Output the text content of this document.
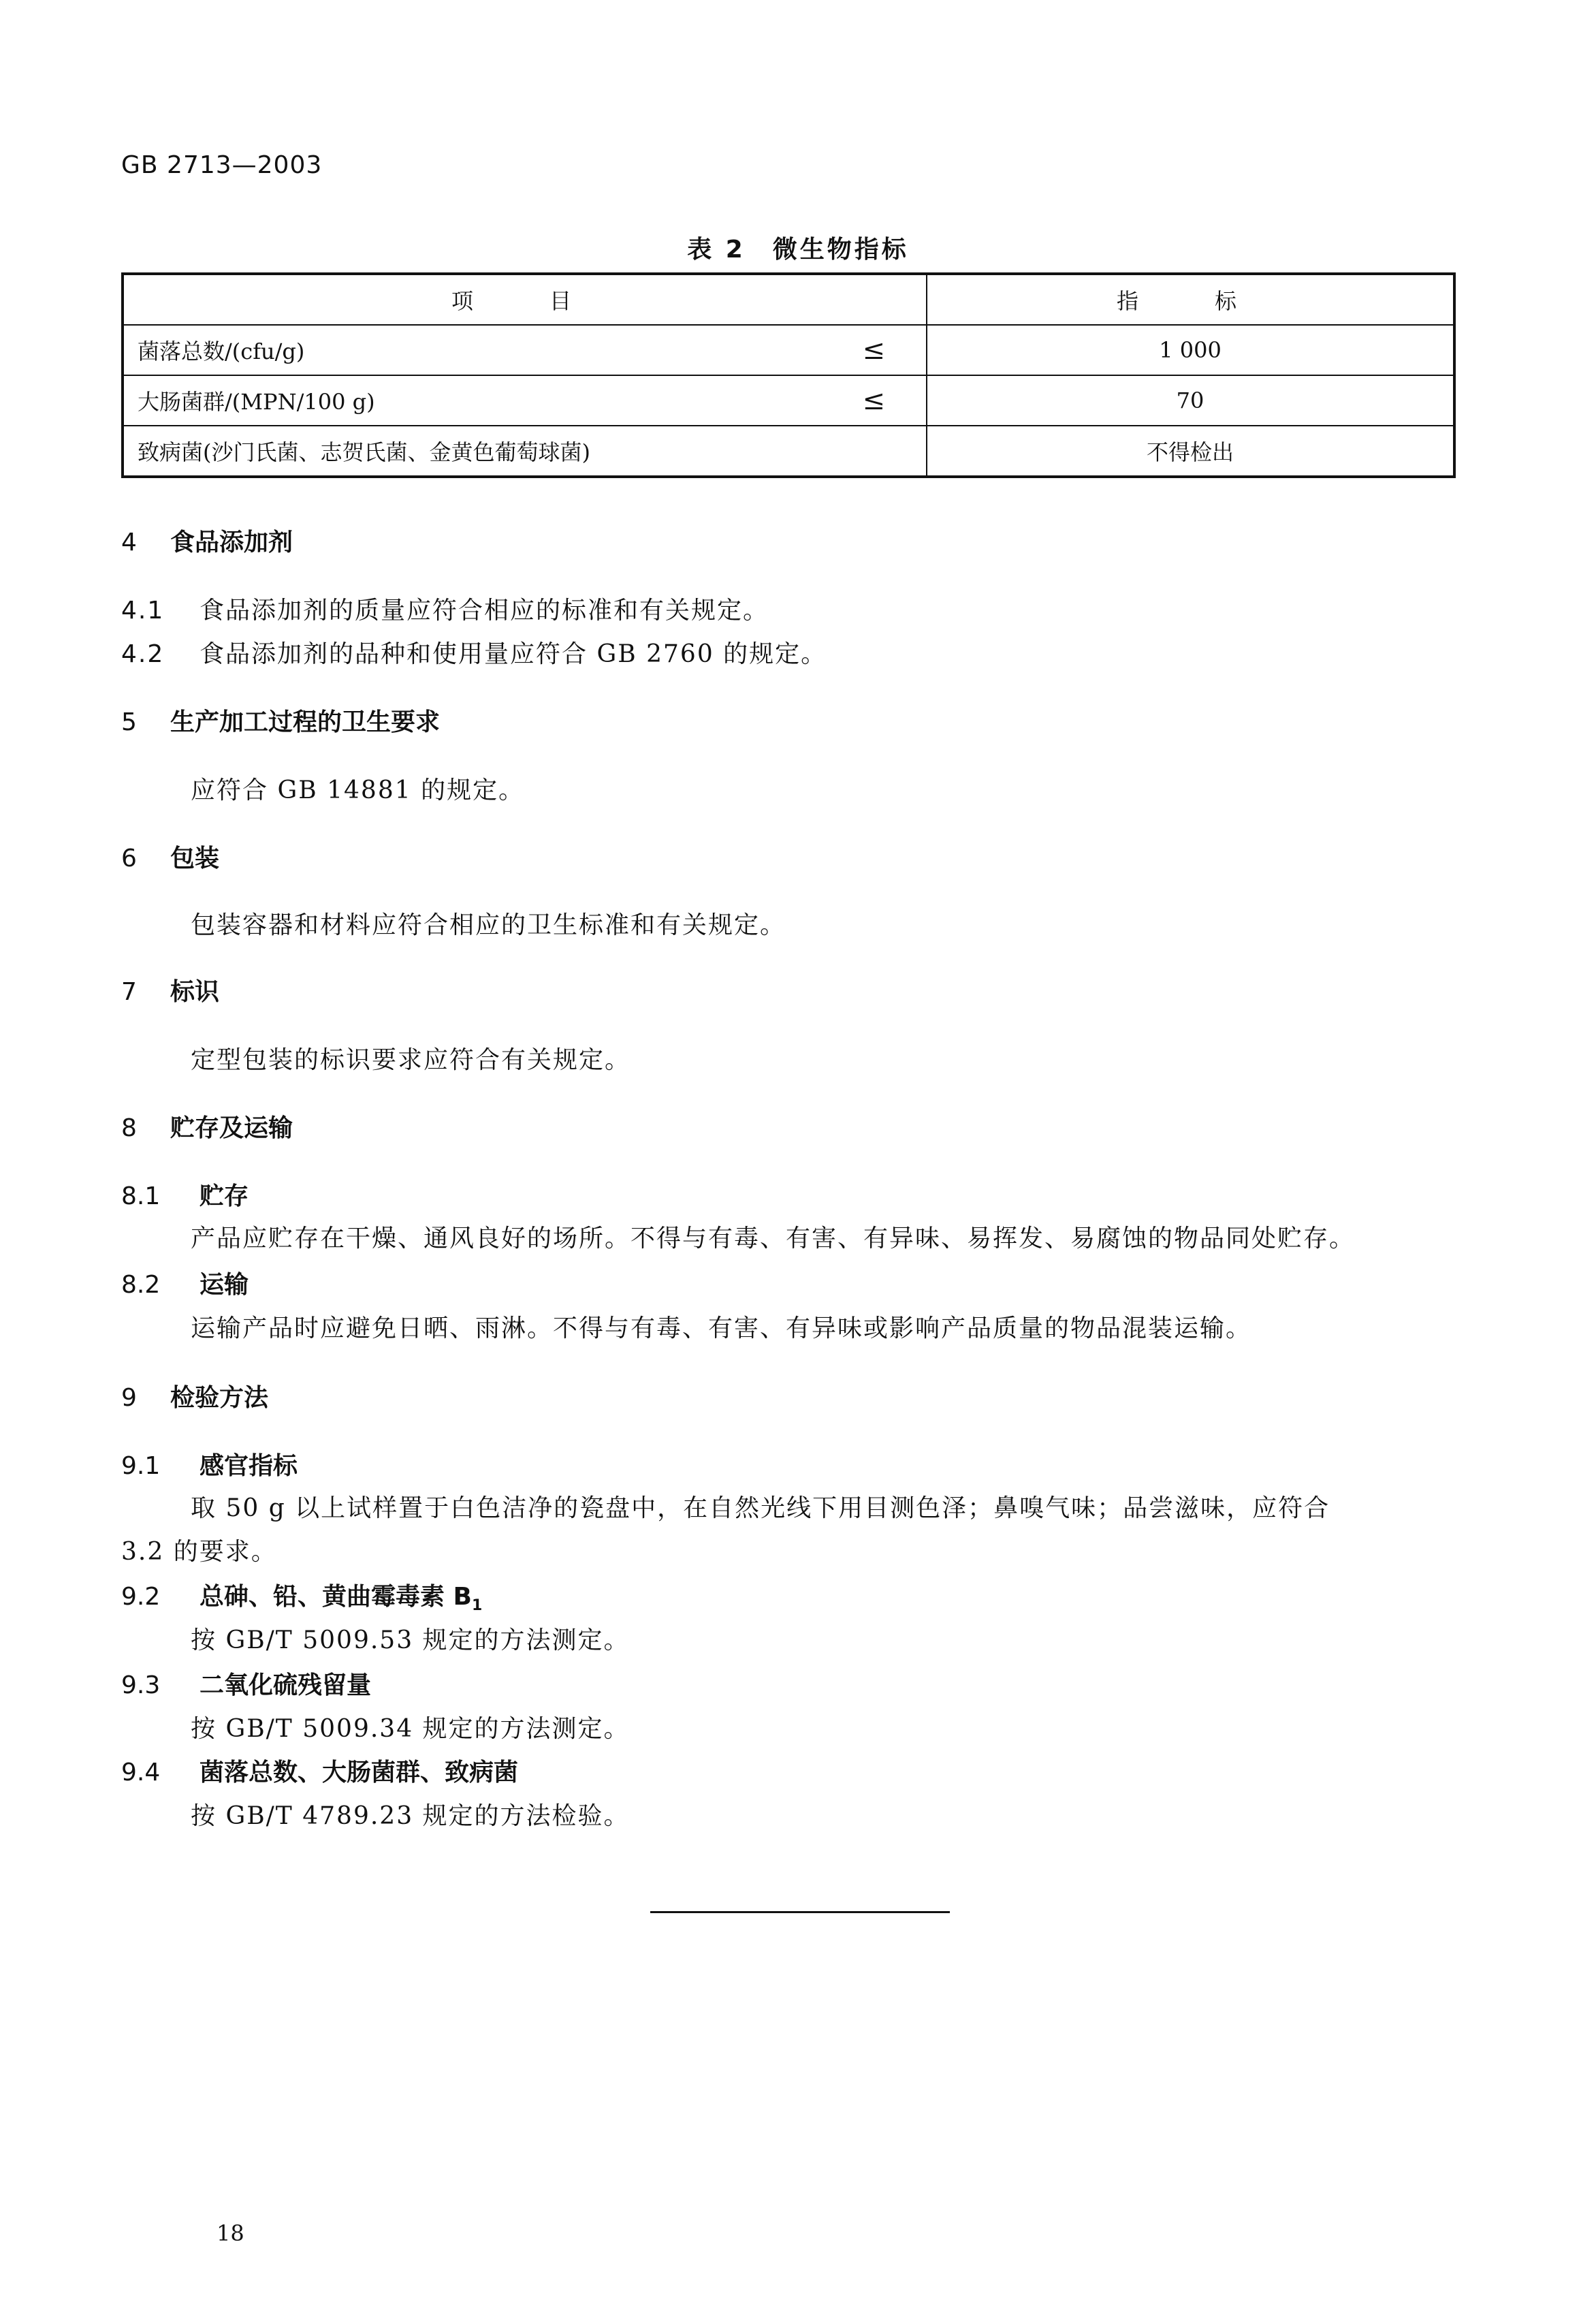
GB 2713—2003
表 2　微生物指标
项　目	指　标

菌落总数/(cfu/g) ≤	1 000

大肠菌群/(MPN/100 g) ≤	70

致病菌(沙门氏菌、志贺氏菌、金黄色葡萄球菌)	不得检出
4 食品添加剂
4.1 食品添加剂的质量应符合相应的标准和有关规定。
4.2 食品添加剂的品种和使用量应符合 GB 2760 的规定。
5 生产加工过程的卫生要求
应符合 GB 14881 的规定。
6 包装
包装容器和材料应符合相应的卫生标准和有关规定。
7 标识
定型包装的标识要求应符合有关规定。
8 贮存及运输
8.1 贮存
产品应贮存在干燥、通风良好的场所。不得与有毒、有害、有异味、易挥发、易腐蚀的物品同处贮存。
8.2 运输
运输产品时应避免日晒、雨淋。不得与有毒、有害、有异味或影响产品质量的物品混装运输。
9 检验方法
9.1 感官指标
取 50 g 以上试样置于白色洁净的瓷盘中，在自然光线下用目测色泽；鼻嗅气味；品尝滋味，应符合
3.2 的要求。
9.2 总砷、铅、黄曲霉毒素 $B_1$
按 GB/T 5009.53 规定的方法测定。
9.3 二氧化硫残留量
按 GB/T 5009.34 规定的方法测定。
9.4 菌落总数、大肠菌群、致病菌
按 GB/T 4789.23 规定的方法检验。
18
